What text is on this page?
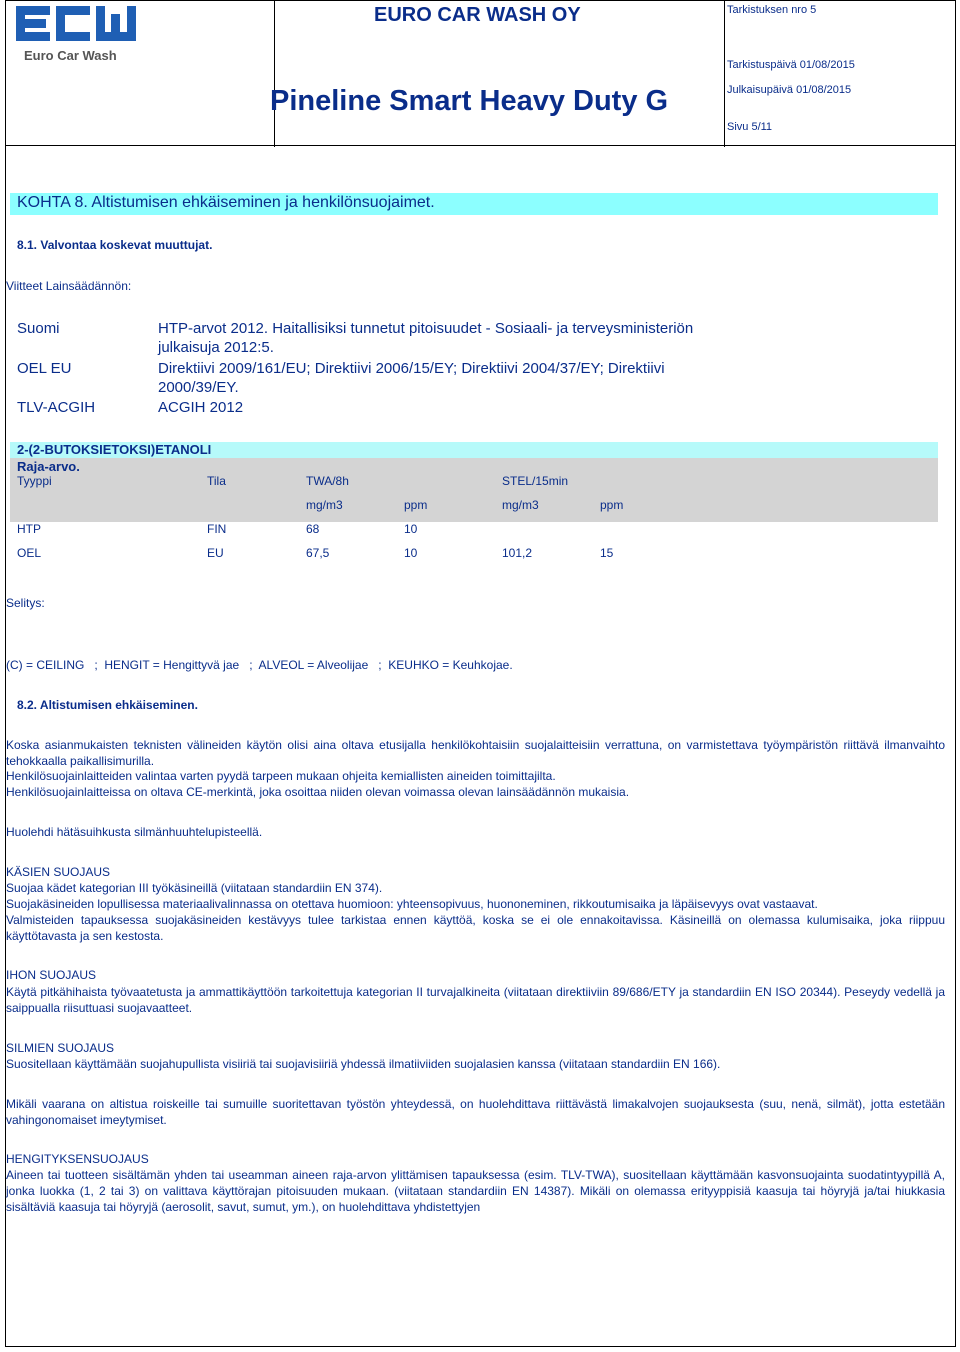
Euro Car Wash
EURO CAR WASH OY
Pineline Smart Heavy Duty G
Tarkistuksen nro 5
Tarkistuspäivä 01/08/2015
Julkaisupäivä 01/08/2015
Sivu 5/11
KOHTA 8. Altistumisen ehkäiseminen ja henkilönsuojaimet.
8.1. Valvontaa koskevat muuttujat.
Viitteet Lainsäädännön:
Suomi	HTP-arvot 2012. Haitallisiksi tunnetut pitoisuudet - Sosiaali- ja terveysministeriön
julkaisuja 2012:5.
OEL EU	Direktiivi 2009/161/EU; Direktiivi 2006/15/EY; Direktiivi 2004/37/EY; Direktiivi
2000/39/EY.
TLV-ACGIH	ACGIH 2012
2-(2-BUTOKSIETOKSI)ETANOLI
Raja-arvo.
Tyyppi	Tila	TWA/8h	STEL/15min
mg/m3	ppm	mg/m3	ppm
HTP	FIN	68	10
OEL	EU	67,5	10	101,2	15
Selitys:
(C) = CEILING   ;  HENGIT = Hengittyvä jae   ;  ALVEOL = Alveolijae   ;  KEUHKO = Keuhkojae.
8.2. Altistumisen ehkäiseminen.
Koska asianmukaisten teknisten välineiden käytön olisi aina oltava etusijalla henkilökohtaisiin suojalaitteisiin verrattuna, on varmistettava työympäristön riittävä ilmanvaihto tehokkaalla paikallisimurilla.
Henkilösuojainlaitteiden valintaa varten pyydä tarpeen mukaan ohjeita kemiallisten aineiden toimittajilta.
Henkilösuojainlaitteissa on oltava CE-merkintä, joka osoittaa niiden olevan voimassa olevan lainsäädännön mukaisia.
Huolehdi hätäsuihkusta silmänhuuhtelupisteellä.
KÄSIEN SUOJAUS
Suojaa kädet kategorian III työkäsineillä (viitataan standardiin EN 374).
Suojakäsineiden lopullisessa materiaalivalinnassa on otettava huomioon: yhteensopivuus, huononeminen, rikkoutumisaika ja läpäisevyys ovat vastaavat.
Valmisteiden tapauksessa suojakäsineiden kestävyys tulee tarkistaa ennen käyttöä, koska se ei ole ennakoitavissa. Käsineillä on olemassa kulumisaika, joka riippuu käyttötavasta ja sen kestosta.
IHON SUOJAUS
Käytä pitkähihaista työvaatetusta ja ammattikäyttöön tarkoitettuja kategorian II turvajalkineita (viitataan direktiiviin 89/686/ETY ja standardiin EN ISO 20344). Peseydy vedellä ja saippualla riisuttuasi suojavaatteet.
SILMIEN SUOJAUS
Suositellaan käyttämään suojahupullista visiiriä tai suojavisiiriä yhdessä ilmatiiviiden suojalasien kanssa (viitataan standardiin EN 166).
Mikäli vaarana on altistua roiskeille tai sumuille suoritettavan työstön yhteydessä, on huolehdittava riittävästä limakalvojen suojauksesta (suu, nenä, silmät), jotta estetään vahingonomaiset imeytymiset.
HENGITYKSENSUOJAUS
Aineen tai tuotteen sisältämän yhden tai useamman aineen raja-arvon ylittämisen tapauksessa (esim. TLV-TWA), suositellaan käyttämään kasvonsuojainta suodatintyypillä A, jonka luokka (1, 2 tai 3) on valittava käyttörajan pitoisuuden mukaan. (viitataan standardiin EN 14387). Mikäli on olemassa erityyppisiä kaasuja tai höyryjä ja/tai hiukkasia sisältäviä kaasuja tai höyryjä (aerosolit, savut, sumut, ym.), on huolehdittava yhdistettyjen
